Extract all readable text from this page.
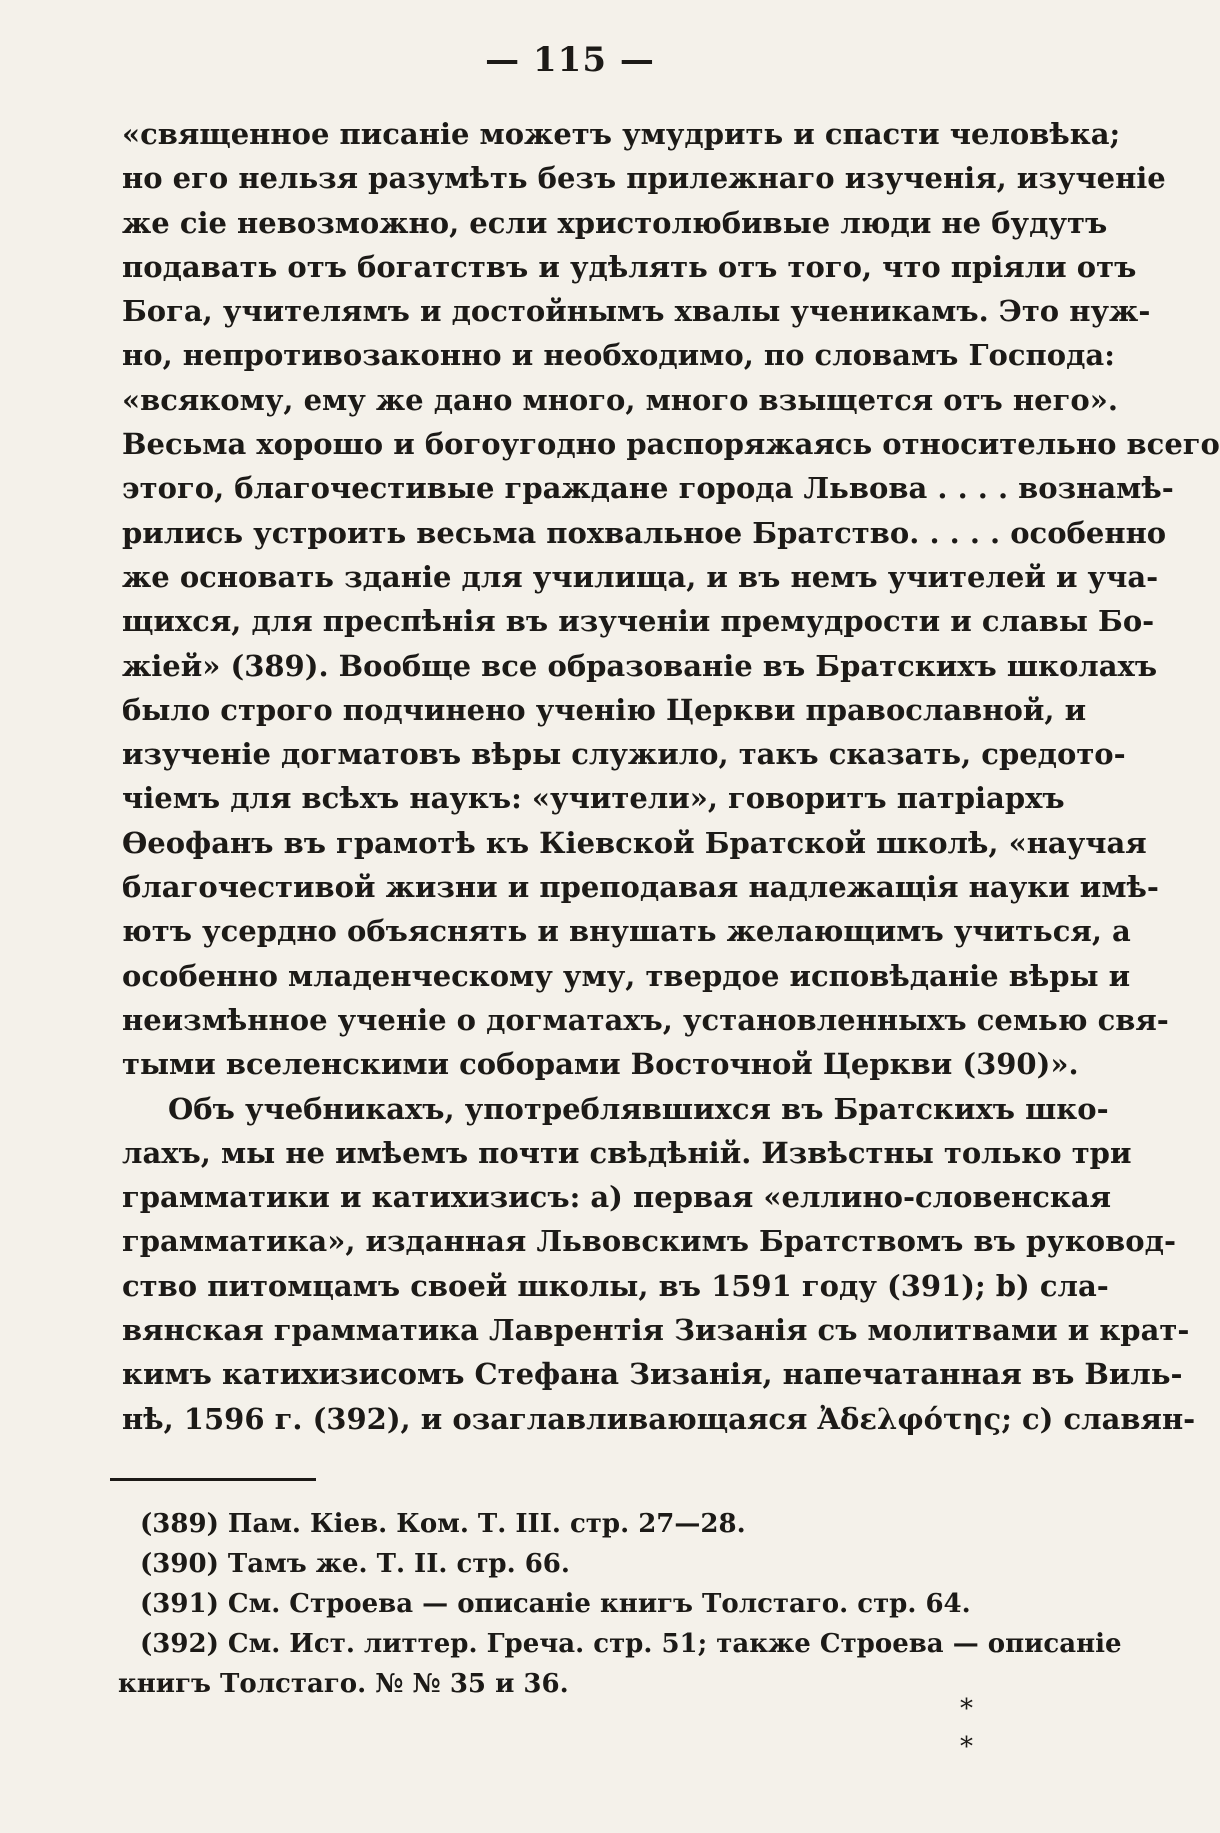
— 115 —
«священное писаніе можетъ умудрить и спасти человѣка;
но его нельзя разумѣть безъ прилежнаго изученія, изученіе
же сіе невозможно, если христолюбивые люди не будутъ
подавать отъ богатствъ и удѣлять отъ того, что пріяли отъ
Бога, учителямъ и достойнымъ хвалы ученикамъ. Это нуж-
но, непротивозаконно и необходимо, по словамъ Господа:
«всякому, ему же дано много, много взыщется отъ него».
Весьма хорошо и богоугодно распоряжаясь относительно всего
этого, благочестивые граждане города Львова . . . . вознамѣ-
рились устроить весьма похвальное Братство. . . . . особенно
же основать зданіе для училища, и въ немъ учителей и уча-
щихся, для преспѣнія въ изученіи премудрости и славы Бо-
жіей» (389). Вообще все образованіе въ Братскихъ школахъ
было строго подчинено ученію Церкви православной, и
изученіе догматовъ вѣры служило, такъ сказать, средото-
чіемъ для всѣхъ наукъ: «учители», говоритъ патріархъ
Ѳеофанъ въ грамотѣ къ Кіевской Братской школѣ, «научая
благочестивой жизни и преподавая надлежащія науки имѣ-
ютъ усердно объяснять и внушать желающимъ учиться, а
особенно младенческому уму, твердое исповѣданіе вѣры и
неизмѣнное ученіе о догматахъ, установленныхъ семью свя-
тыми вселенскими соборами Восточной Церкви (390)».
Объ учебникахъ, употреблявшихся въ Братскихъ шко-
лахъ, мы не имѣемъ почти свѣдѣній. Извѣстны только три
грамматики и катихизисъ: а) первая «еллино-словенская
грамматика», изданная Львовскимъ Братствомъ въ руковод-
ство питомцамъ своей школы, въ 1591 году (391); b) сла-
вянская грамматика Лаврентія Зизанія съ молитвами и крат-
кимъ катихизисомъ Стефана Зизанія, напечатанная въ Виль-
нѣ, 1596 г. (392), и озаглавливающаяся Ἀδελφότης; c) славян-
(389) Пам. Кіев. Ком. Т. III. стр. 27—28.
(390) Тамъ же. Т. II. стр. 66.
(391) См. Строева — описаніе книгъ Толстаго. стр. 64.
(392) См. Ист. литтер. Греча. стр. 51; также Строева — описаніе
книгъ Толстаго. № № 35 и 36.
*
*
